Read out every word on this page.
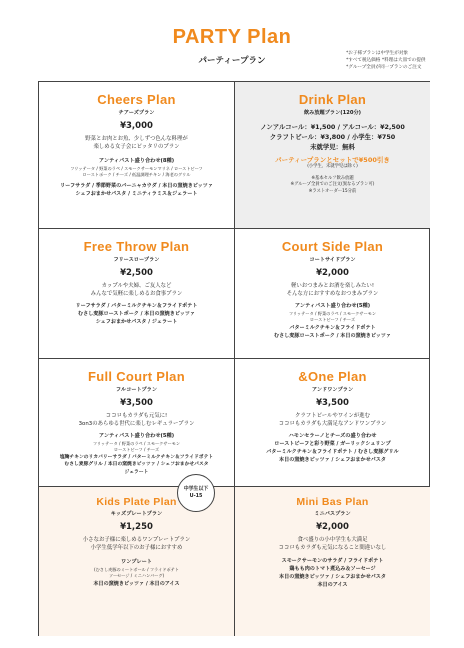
PARTY Plan
パーティープラン
*お子様プランは中学生が対象
*すべて税込価格 *料理は大皿での提供
*グループ全員が同一プランのご注文
Cheers Plan
チアーズプラン
¥3,000
野菜とお肉とお魚、少しずつ色んな料理が
楽しめる女子会にピッタリのプラン
アンティパスト盛り合わせ(8種)
フリッテータ / 野菜のラペ / スモークサーモンマリネ / ローストビーフ
ローストポーク / チーズ / 低温調理チキン / 海老のグリル
リーフサラダ / 季節野菜のバーニャカウダ / 本日の窯焼きピッツァ
シェフおまかせパスタ / ミニティラミス＆ジェラート
Drink Plan
飲み放題プラン(120分)
ノンアルコール：¥1,500 / アルコール：¥2,500
クラフトビール：¥3,800 / 小学生：¥750
未就学児：無料
パーティープランとセットで¥500引き
(小学生、未就学児は除く)
※基本セルフ飲み放題
※グループ全員でのご注文(異なるプラン可)
※ラストオーダー15分前
Free Throw Plan
フリースロープラン
¥2,500
カップルや夫婦、ご友人など
みんなで気軽に楽しめるお食事プラン
リーフサラダ / バターミルクチキン＆フライドポテト
むさし麦豚ローストポーク / 本日の窯焼きピッツァ
シェフおまかせパスタ / ジェラート
Court Side Plan
コートサイドプラン
¥2,000
軽いおつまみとお酒を楽しみたい!
そんな方におすすめなおつまみプラン
アンティパスト盛り合わせ(5種)
フリッテータ / 野菜のラペ / スモークサーモン
ローストビーフ / チーズ
バターミルクチキン＆フライドポテト
むさし麦豚ローストポーク / 本日の窯焼きピッツァ
Full Court Plan
フルコートプラン
¥3,500
ココロもカラダも元気に!
3on3のあらゆる世代に楽しむレギュラープラン
アンティパスト盛り合わせ(5種)
フリッテータ / 野菜のラペ / スモークサーモン
ローストビーフ / チーズ
塩麹チキンのリカバリーサラダ / バターミルクチキン＆フライドポテト
むさし麦豚グリル / 本日の窯焼きピッツァ / シェフおまかせパスタ
ジェラート
&One Plan
アンドワンプラン
¥3,500
クラフトビールやワインが進む
ココロもカラダも大満足なアンドワンプラン
ハモンセラーノとチーズの盛り合わせ
ローストビーフと彩り野菜 / ガーリックシュリンプ
バターミルクチキン＆フライドポテト / むさし麦豚グリル
本日の窯焼きピッツァ / シェフおまかせパスタ
Kids Plate Plan
キッズプレートプラン
¥1,250
小さなお子様に楽しめるワンプレートプラン
小学生低学年以下のお子様におすすめ
ワンプレート
(むさし麦豚のミートボール / フライドポテト
ソーセージ / ミニハンバーグ)
本日の窯焼きピッツァ / 本日のアイス
Mini Bas Plan
ミニバスプラン
¥2,000
食べ盛りの小中学生も大満足
ココロもカラダも元気になること間違いなし
スモークサーモンのサラダ / フライドポテト
鶏もも肉のトマト煮込み＆ソーセージ
本日の窯焼きピッツァ / シェフおまかせパスタ
本日のアイス
中学生以下
U-15
